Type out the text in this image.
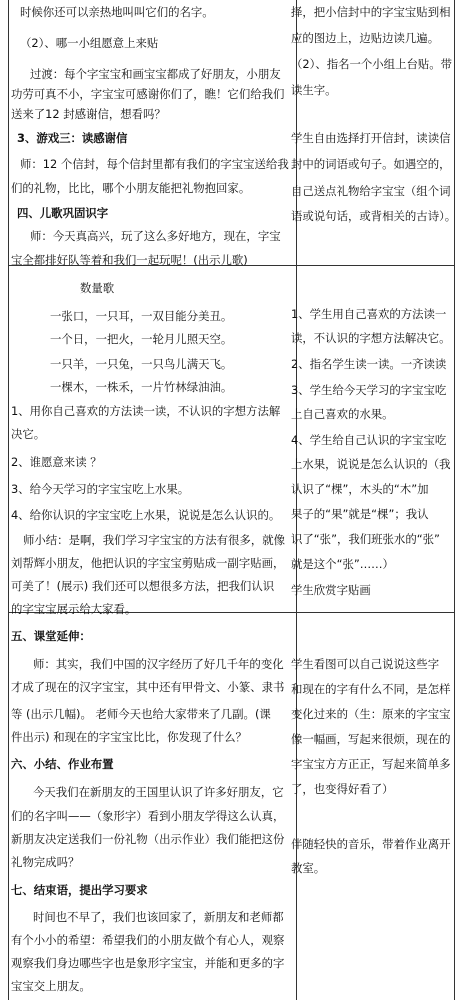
时候你还可以亲热地叫叫它们的名字。
（2）、哪一小组愿意上来贴
过渡：每个字宝宝和画宝宝都成了好朋友，小朋友
功劳可真不小，字宝宝可感谢你们了，瞧！它们给我们
送来了12 封感谢信，想看吗？
3、游戏三：读感谢信
师：12 个信封，每个信封里都有我们的字宝宝送给我
们的礼物，比比，哪个小朋友能把礼物抱回家。
四、儿歌巩固识字
师：今天真高兴，玩了这么多好地方，现在，字宝
宝全都排好队等着和我们一起玩呢！(出示儿歌)
数量歌
一张口，一只耳，一双目能分美丑。
一个日，一把火，一轮月儿照天空。
一只羊，一只兔，一只鸟儿满天飞。
一棵木，一株禾，一片竹林绿油油。
1、用你自己喜欢的方法读一读，不认识的字想方法解
决它。
2、谁愿意来读 ？
3、给今天学习的字宝宝吃上水果。
4、给你认识的字宝宝吃上水果，说说是怎么认识的。
师小结：是啊，我们学习字宝宝的方法有很多，就像
刘帮辉小朋友，他把认识的字宝宝剪贴成一副字贴画，
可美了！(展示) 我们还可以想很多方法，把我们认识
的字宝宝展示给大家看。
五、课堂延伸：
师：其实，我们中国的汉字经历了好几千年的变化
才成了现在的汉字宝宝，其中还有甲骨文、小篆、隶书
等 (出示几幅)。 老师今天也给大家带来了几副。(课
件出示) 和现在的字宝宝比比，你发现了什么？
六、小结、作业布置
今天我们在新朋友的王国里认识了许多好朋友，它
们的名字叫——（象形字）看到小朋友学得这么认真，
新朋友决定送我们一份礼物（出示作业）我们能把这份
礼物完成吗？
七、结束语，提出学习要求
时间也不早了，我们也该回家了，新朋友和老师都
有个小小的希望：希望我们的小朋友做个有心人，观察
观察我们身边哪些字也是象形字宝宝，并能和更多的字
宝宝交上朋友。
择，把小信封中的字宝宝贴到相
应的图边上，边贴边读几遍。
（2）、指名一个小组上台贴。带
读生字。
学生自由选择打开信封，读读信
封中的词语或句子。如遇空的，
自己送点礼物给字宝宝（组个词
语或说句话，或背相关的古诗）。
1、学生用自己喜欢的方法读一
读，不认识的字想方法解决它。
2、指名学生读一读。一齐读读
3、学生给今天学习的字宝宝吃
上自己喜欢的水果。
4、学生给自己认识的字宝宝吃
上水果，说说是怎么认识的（我
认识了“棵”，木头的“木”加
果子的“果”就是“棵”；我认
识了“张”，我们班张水的“张”
就是这个“张”……）
学生欣赏字贴画
学生看图可以自己说说这些字
和现在的字有什么不同，是怎样
变化过来的（生：原来的字宝宝
像一幅画，写起来很烦，现在的
字宝宝方方正正，写起来简单多
了，也变得好看了）
伴随轻快的音乐，带着作业离开
教室。
